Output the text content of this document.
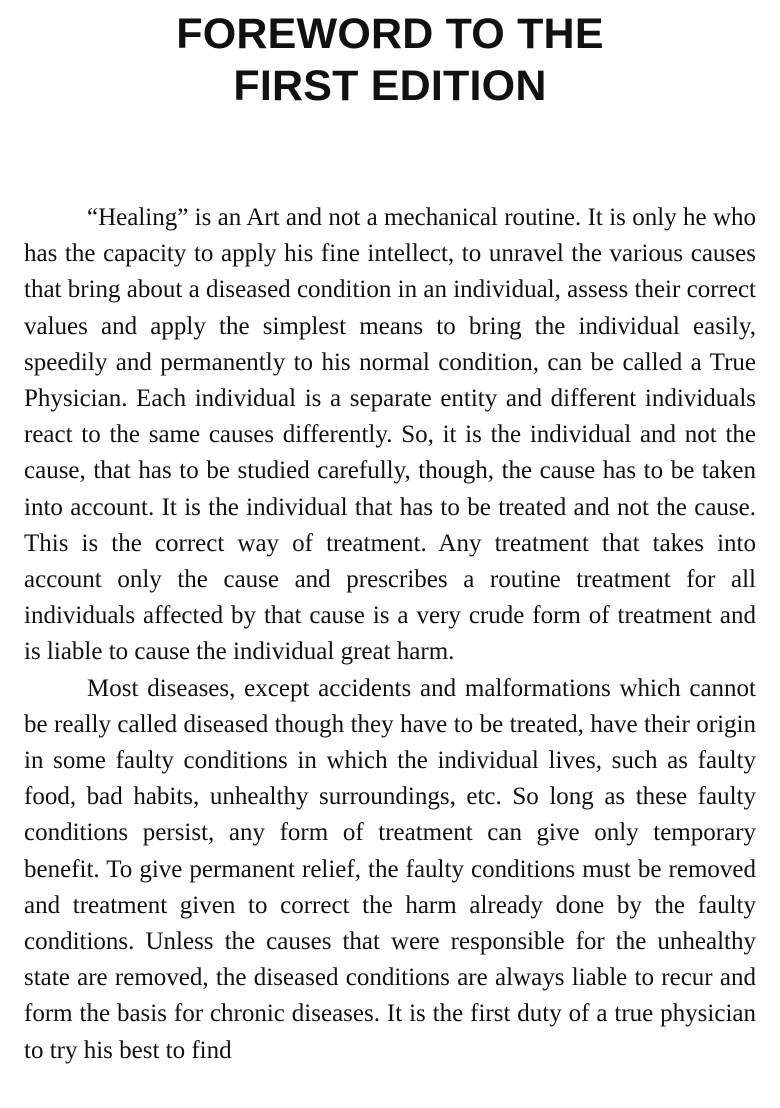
FOREWORD TO THE
FIRST EDITION

“Healing” is an Art and not a mechanical routine. It is only he who has the capacity to apply his fine intellect, to unravel the various causes that bring about a diseased condition in an individual, assess their correct values and apply the simplest means to bring the individual easily, speedily and permanently to his normal condition, can be called a True Physician. Each individual is a separate entity and different individuals react to the same causes differently. So, it is the individual and not the cause, that has to be studied carefully, though, the cause has to be taken into account. It is the individual that has to be treated and not the cause. This is the correct way of treatment. Any treatment that takes into account only the cause and prescribes a routine treatment for all individuals affected by that cause is a very crude form of treatment and is liable to cause the individual great harm.

Most diseases, except accidents and malformations which cannot be really called diseased though they have to be treated, have their origin in some faulty conditions in which the individual lives, such as faulty food, bad habits, unhealthy surroundings, etc. So long as these faulty conditions persist, any form of treatment can give only temporary benefit. To give permanent relief, the faulty conditions must be removed and treatment given to correct the harm already done by the faulty conditions. Unless the causes that were responsible for the unhealthy state are removed, the diseased conditions are always liable to recur and form the basis for chronic diseases. It is the first duty of a true physician to try his best to find
